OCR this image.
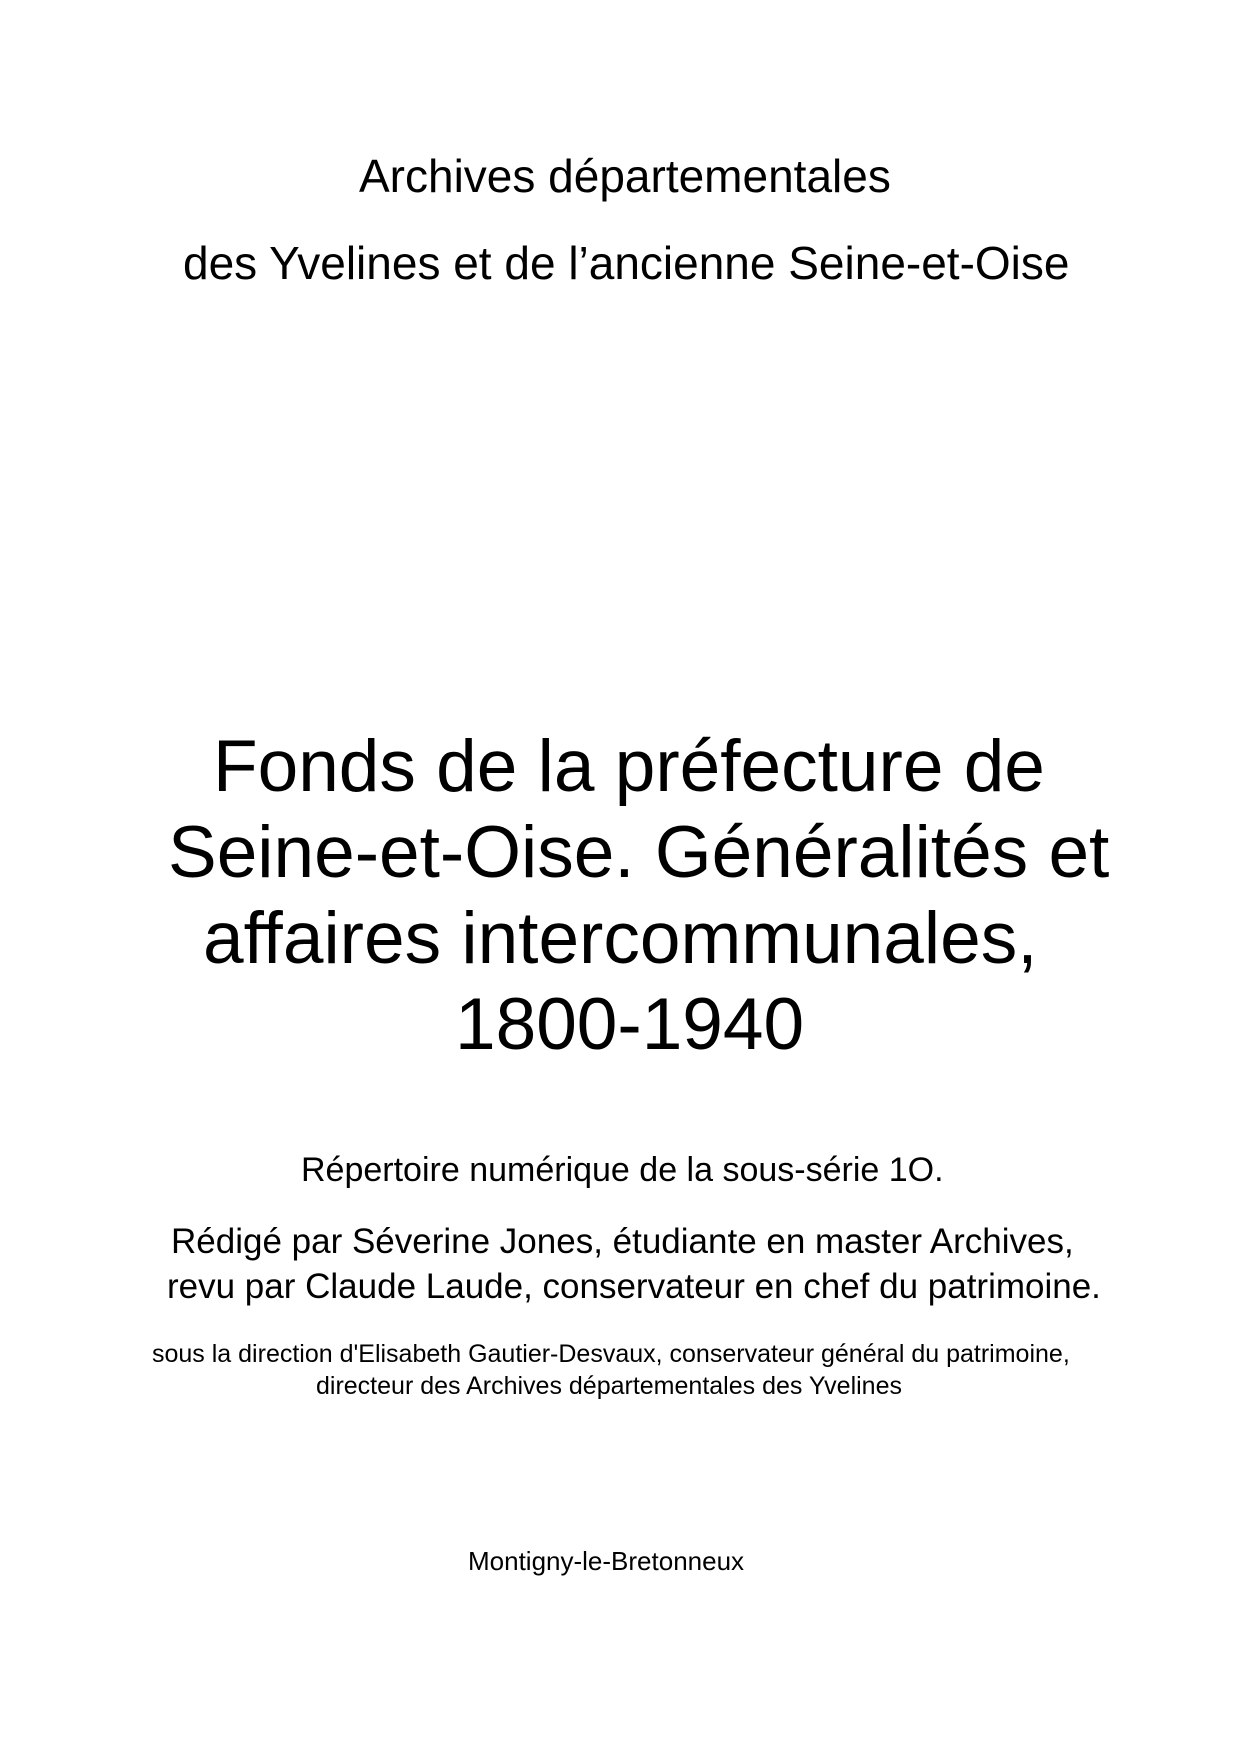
Archives départementales
des Yvelines et de l’ancienne Seine-et-Oise
Fonds de la préfecture de
Seine-et-Oise. Généralités et
affaires intercommunales,
1800-1940
Répertoire numérique de la sous-série 1O.
Rédigé par Séverine Jones, étudiante en master Archives,
revu par Claude Laude, conservateur en chef du patrimoine.
sous la direction d'Elisabeth Gautier-Desvaux, conservateur général du patrimoine,
directeur des Archives départementales des Yvelines
Montigny-le-Bretonneux
